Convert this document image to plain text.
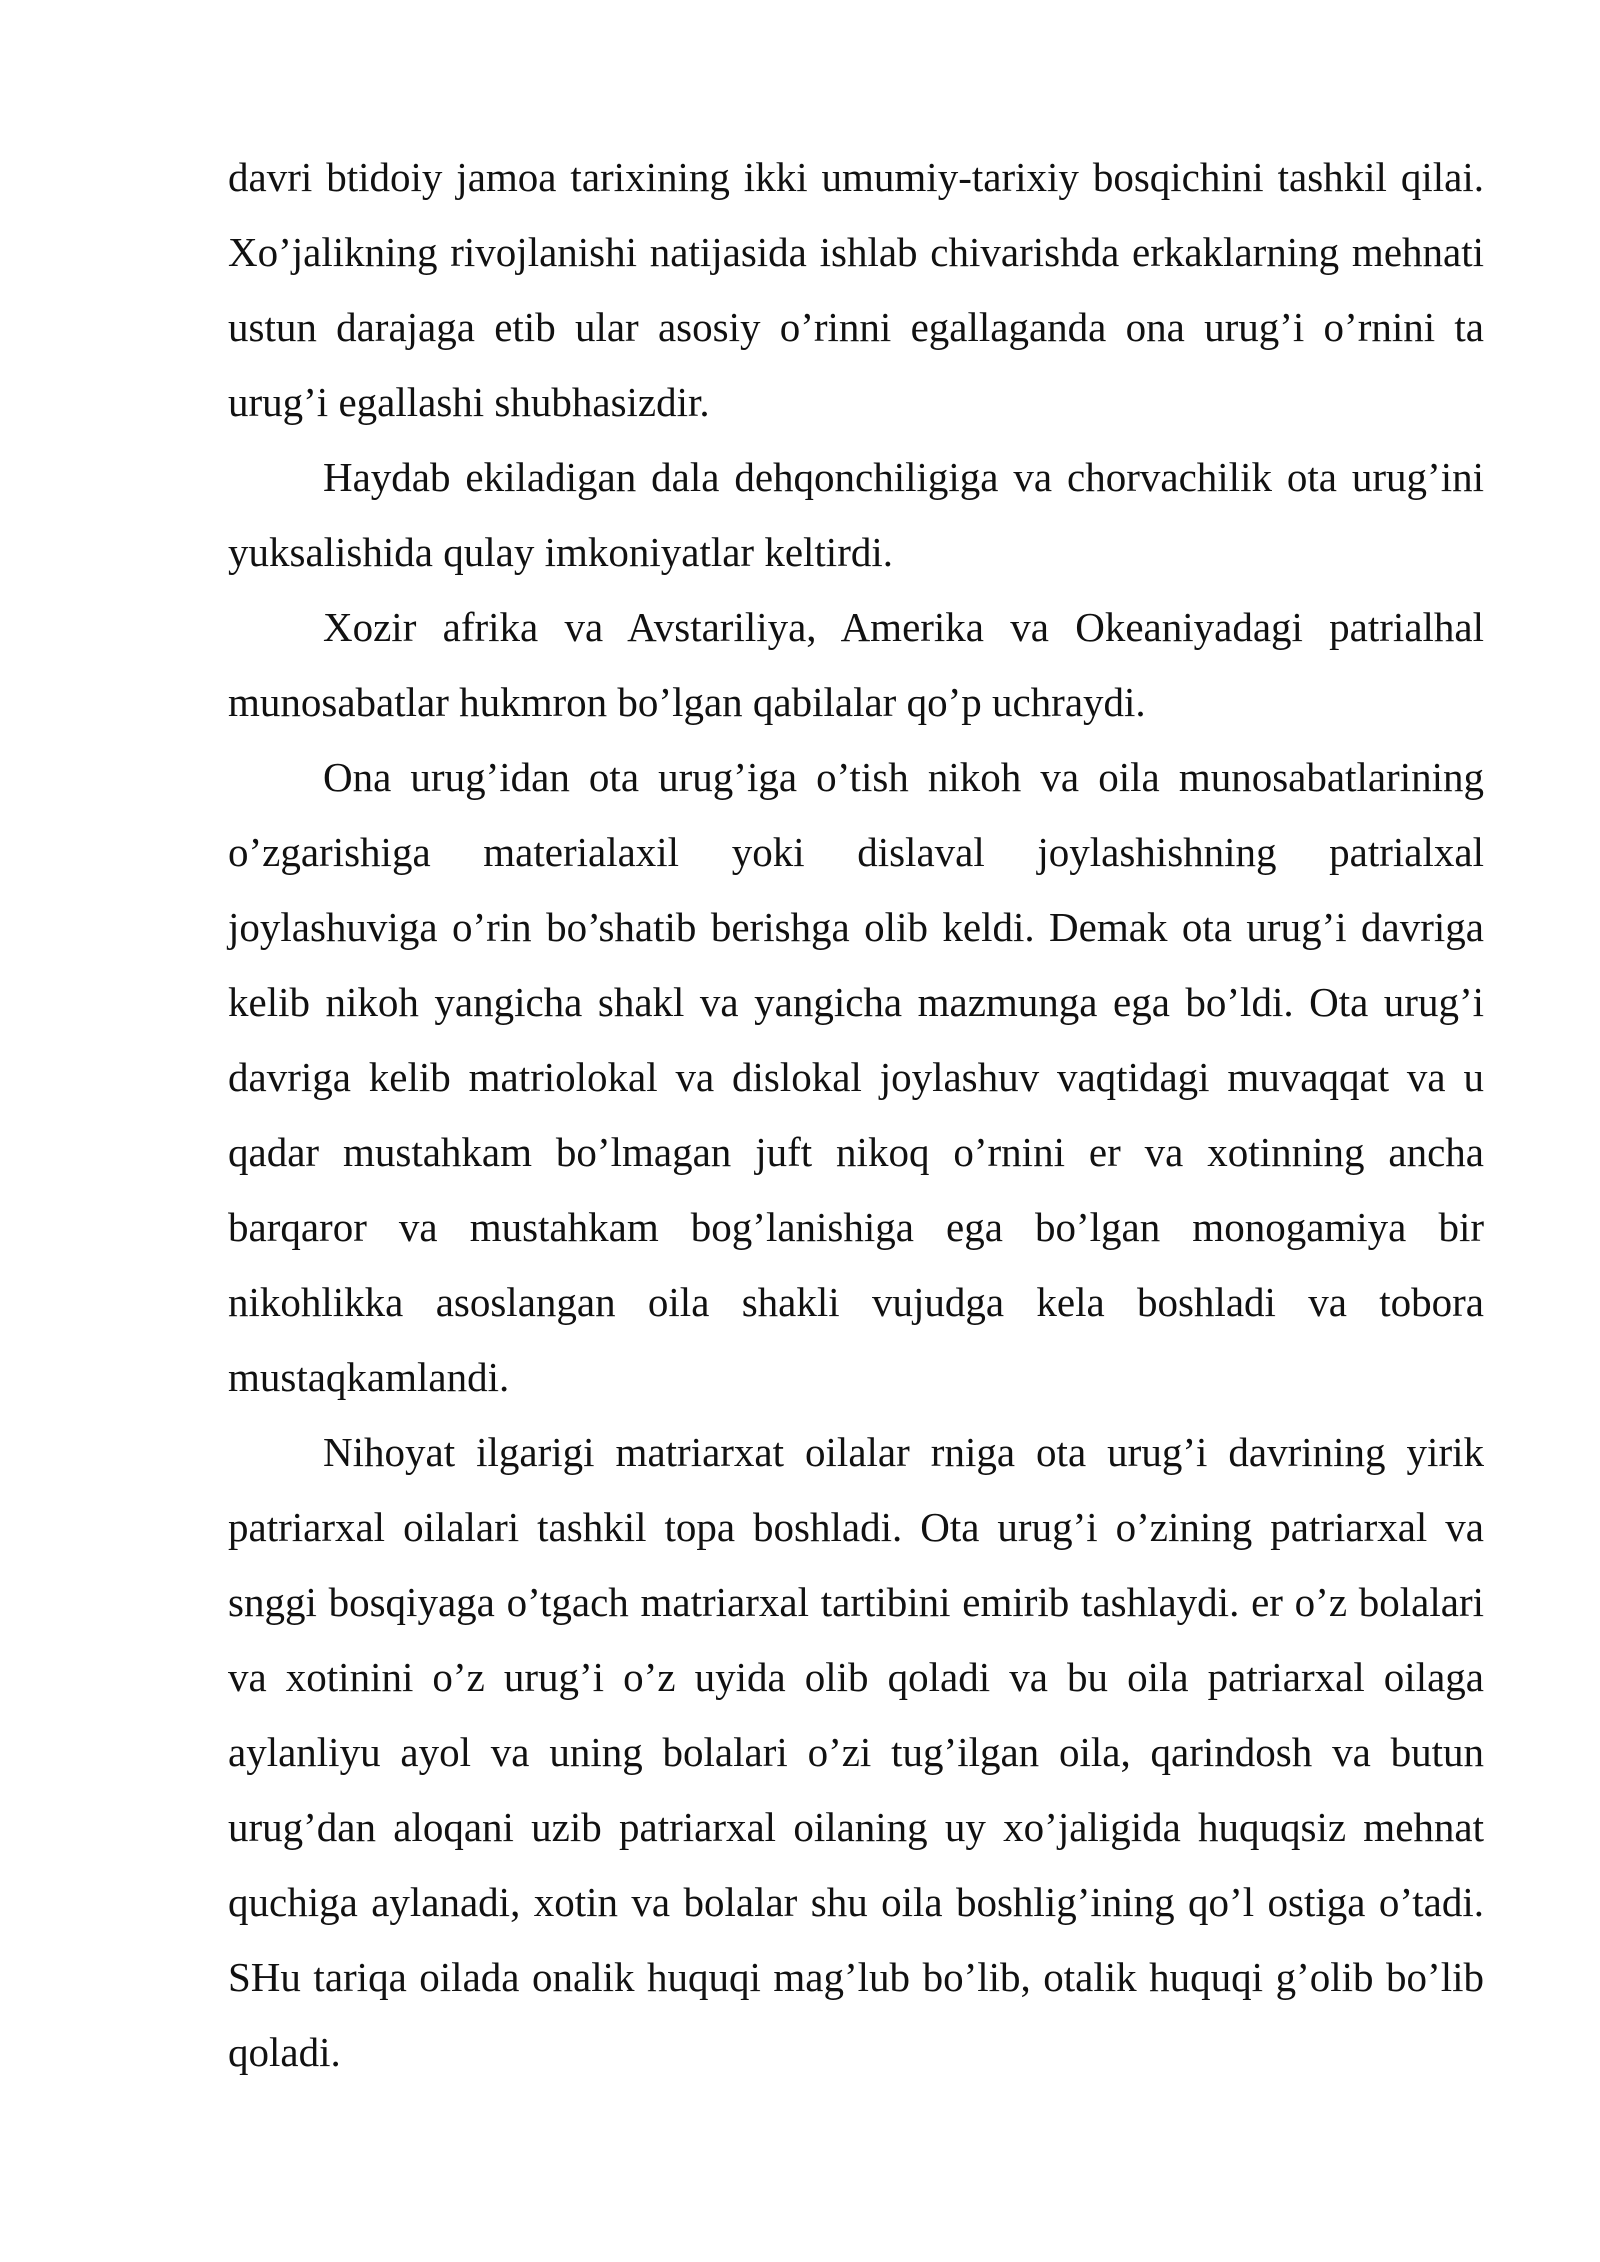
davri btidoiy jamoa tarixining ikki umumiy-tarixiy bosqichini tashkil qilai. Xo’jalikning rivojlanishi natijasida ishlab chivarishda erkaklarning mehnati ustun darajaga etib ular asosiy o’rinni egallaganda ona urug’i o’rnini ta urug’i egallashi shubhasizdir.

Haydab ekiladigan dala dehqonchiligiga va chorvachilik ota urug’ini yuksalishida qulay imkoniyatlar keltirdi.

Xozir afrika va Avstariliya, Amerika va Okeaniyadagi patrialhal munosabatlar hukmron bo’lgan qabilalar qo’p uchraydi.

Ona urug’idan ota urug’iga o’tish nikoh va oila munosabatlarining o’zgarishiga materialaxil yoki dislaval joylashishning patrialxal joylashuviga o’rin bo’shatib berishga olib keldi. Demak ota urug’i davriga kelib nikoh yangicha shakl va yangicha mazmunga ega bo’ldi. Ota urug’i davriga kelib matriolokal va dislokal joylashuv vaqtidagi muvaqqat va u qadar mustahkam bo’lmagan juft nikoq o’rnini er va xotinning ancha barqaror va mustahkam bog’lanishiga ega bo’lgan monogamiya bir nikohlikka asoslangan oila shakli vujudga kela boshladi va tobora mustaqkamlandi.

Nihoyat ilgarigi matriarxat oilalar rniga ota urug’i davrining yirik patriarxal oilalari tashkil topa boshladi. Ota urug’i o’zining patriarxal va snggi bosqiyaga o’tgach matriarxal tartibini emirib tashlaydi. er o’z bolalari va xotinini o’z urug’i o’z uyida olib qoladi va bu oila patriarxal oilaga aylanliyu ayol va uning bolalari o’zi tug’ilgan oila, qarindosh va butun urug’dan aloqani uzib patriarxal oilaning uy xo’jaligida huquqsiz mehnat quchiga aylanadi, xotin va bolalar shu oila boshlig’ining qo’l ostiga o’tadi. SHu tariqa oilada onalik huquqi mag’lub bo’lib, otalik huquqi g’olib bo’lib qoladi.
